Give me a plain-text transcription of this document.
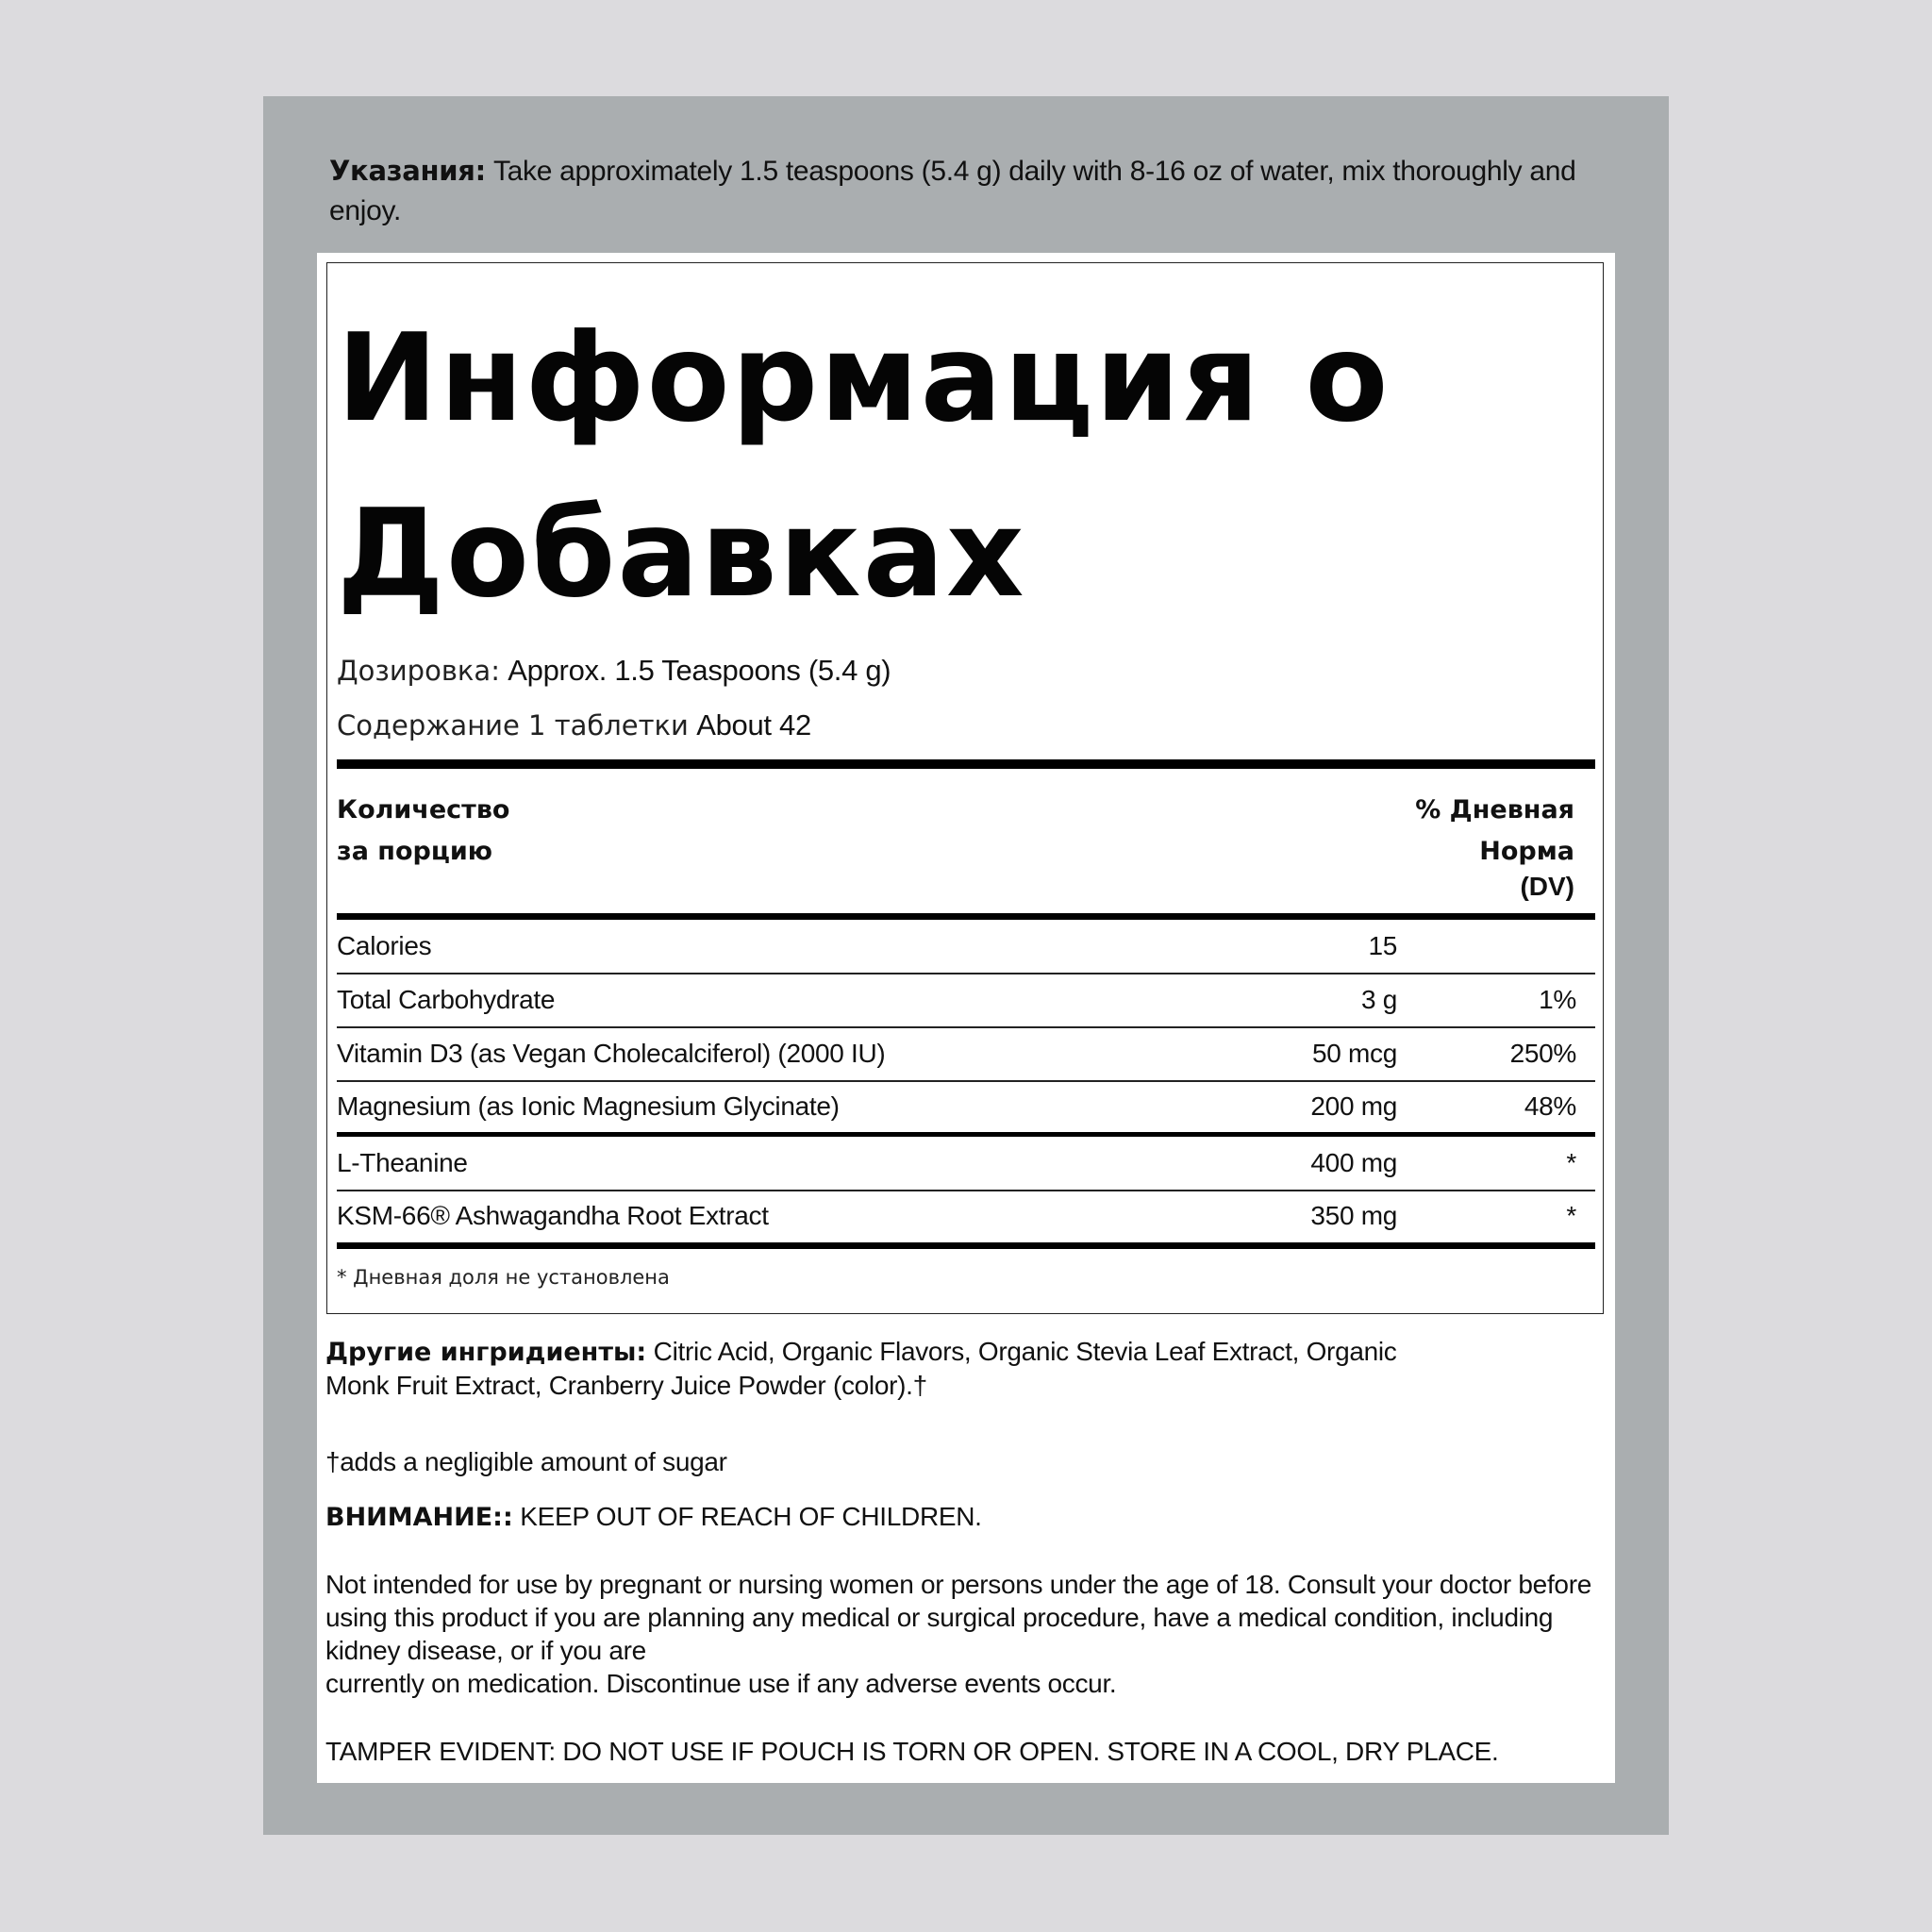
Указания: Take approximately 1.5 teaspoons (5.4 g) daily with 8-16 oz of water, mix thoroughly and enjoy.
Информация о
Добавках
Дозировка: Approx. 1.5 Teaspoons (5.4 g)
Содержание 1 таблетки About 42
Количество
за порцию
% Дневная
Норма
(DV)
Calories	15
Total Carbohydrate	3 g	1%
Vitamin D3 (as Vegan Cholecalciferol) (2000 IU)	50 mcg	250%
Magnesium (as Ionic Magnesium Glycinate)	200 mg	48%
L-Theanine	400 mg	*
KSM-66® Ashwagandha Root Extract	350 mg	*
* Дневная доля не установлена
Другие ингридиенты: Citric Acid, Organic Flavors, Organic Stevia Leaf Extract, Organic Monk Fruit Extract, Cranberry Juice Powder (color).†
†adds a negligible amount of sugar
ВНИМАНИЕ:: KEEP OUT OF REACH OF CHILDREN.
Not intended for use by pregnant or nursing women or persons under the age of 18. Consult your doctor before using this product if you are planning any medical or surgical procedure, have a medical condition, including kidney disease, or if you are
currently on medication. Discontinue use if any adverse events occur.
TAMPER EVIDENT: DO NOT USE IF POUCH IS TORN OR OPEN. STORE IN A COOL, DRY PLACE.
